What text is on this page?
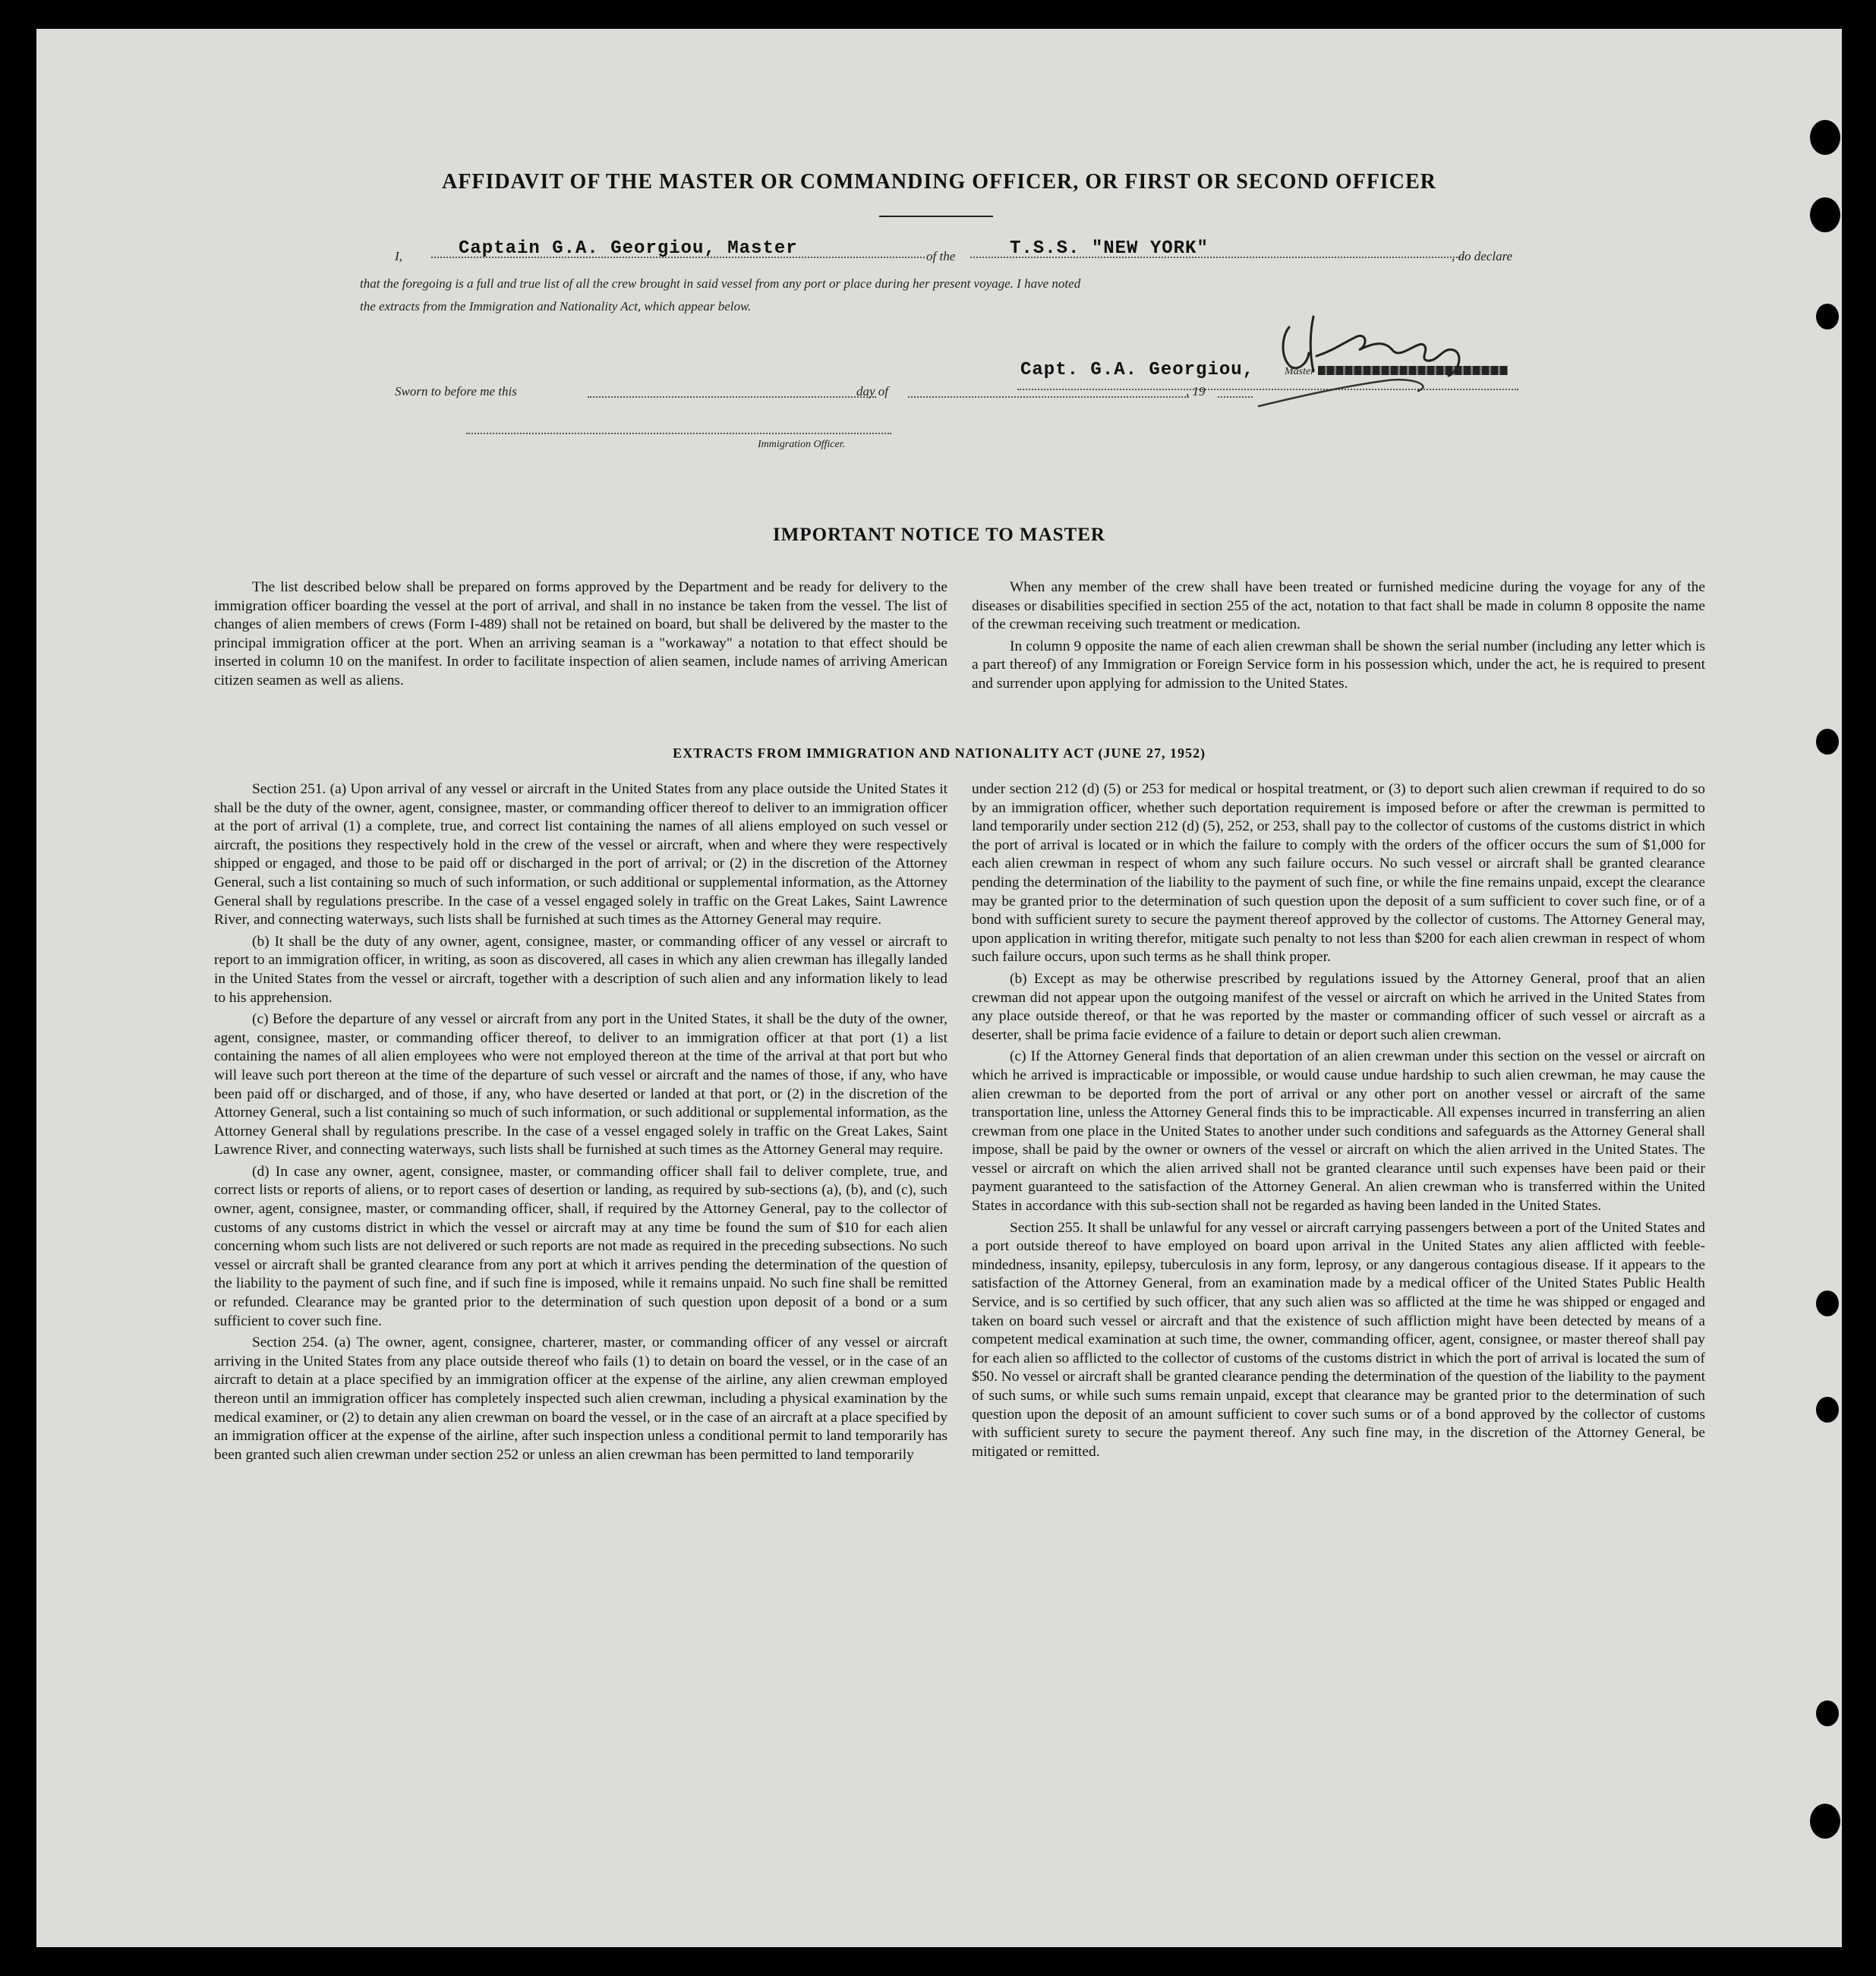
AFFIDAVIT OF THE MASTER OR COMMANDING OFFICER, OR FIRST OR SECOND OFFICER
I,	Captain G.A. Georgiou, Master	of the	T.S.S. "NEW YORK"	, do declare
that the foregoing is a full and true list of all the crew brought in said vessel from any port or place during her present voyage. I have noted
the extracts from the Immigration and Nationality Act, which appear below.
Capt. G.A. Georgiou,	Master
Sworn to before me this	day of	, 19
Immigration Officer.
IMPORTANT NOTICE TO MASTER

The list described below shall be prepared on forms approved by the Department and be ready for delivery to the immigration officer boarding the vessel at the port of arrival, and shall in no instance be taken from the vessel. The list of changes of alien members of crews (Form I-489) shall not be retained on board, but shall be delivered by the master to the principal immigration officer at the port. When an arriving seaman is a "workaway" a notation to that effect should be inserted in column 10 on the manifest. In order to facilitate inspection of alien seamen, include names of arriving American citizen seamen as well as aliens.

When any member of the crew shall have been treated or furnished medicine during the voyage for any of the diseases or disabilities specified in section 255 of the act, notation to that fact shall be made in column 8 opposite the name of the crewman receiving such treatment or medication.

In column 9 opposite the name of each alien crewman shall be shown the serial number (including any letter which is a part thereof) of any Immigration or Foreign Service form in his possession which, under the act, he is required to present and surrender upon applying for admission to the United States.

EXTRACTS FROM IMMIGRATION AND NATIONALITY ACT (JUNE 27, 1952)

Section 251. (a) Upon arrival of any vessel or aircraft in the United States from any place outside the United States it shall be the duty of the owner, agent, consignee, master, or commanding officer thereof to deliver to an immigration officer at the port of arrival (1) a complete, true, and correct list containing the names of all aliens employed on such vessel or aircraft, the positions they respectively hold in the crew of the vessel or aircraft, when and where they were respectively shipped or engaged, and those to be paid off or discharged in the port of arrival; or (2) in the discretion of the Attorney General, such a list containing so much of such information, or such additional or supplemental information, as the Attorney General shall by regulations prescribe. In the case of a vessel engaged solely in traffic on the Great Lakes, Saint Lawrence River, and connecting waterways, such lists shall be furnished at such times as the Attorney General may require.

(b) It shall be the duty of any owner, agent, consignee, master, or commanding officer of any vessel or aircraft to report to an immigration officer, in writing, as soon as discovered, all cases in which any alien crewman has illegally landed in the United States from the vessel or aircraft, together with a description of such alien and any information likely to lead to his apprehension.

(c) Before the departure of any vessel or aircraft from any port in the United States, it shall be the duty of the owner, agent, consignee, master, or commanding officer thereof, to deliver to an immigration officer at that port (1) a list containing the names of all alien employees who were not employed thereon at the time of the arrival at that port but who will leave such port thereon at the time of the departure of such vessel or aircraft and the names of those, if any, who have been paid off or discharged, and of those, if any, who have deserted or landed at that port, or (2) in the discretion of the Attorney General, such a list containing so much of such information, or such additional or supplemental information, as the Attorney General shall by regulations prescribe. In the case of a vessel engaged solely in traffic on the Great Lakes, Saint Lawrence River, and connecting waterways, such lists shall be furnished at such times as the Attorney General may require.

(d) In case any owner, agent, consignee, master, or commanding officer shall fail to deliver complete, true, and correct lists or reports of aliens, or to report cases of desertion or landing, as required by sub-sections (a), (b), and (c), such owner, agent, consignee, master, or commanding officer, shall, if required by the Attorney General, pay to the collector of customs of any customs district in which the vessel or aircraft may at any time be found the sum of $10 for each alien concerning whom such lists are not delivered or such reports are not made as required in the preceding subsections. No such vessel or aircraft shall be granted clearance from any port at which it arrives pending the determination of the question of the liability to the payment of such fine, and if such fine is imposed, while it remains unpaid. No such fine shall be remitted or refunded. Clearance may be granted prior to the determination of such question upon deposit of a bond or a sum sufficient to cover such fine.

Section 254. (a) The owner, agent, consignee, charterer, master, or commanding officer of any vessel or aircraft arriving in the United States from any place outside thereof who fails (1) to detain on board the vessel, or in the case of an aircraft to detain at a place specified by an immigration officer at the expense of the airline, any alien crewman employed thereon until an immigration officer has completely inspected such alien crewman, including a physical examination by the medical examiner, or (2) to detain any alien crewman on board the vessel, or in the case of an aircraft at a place specified by an immigration officer at the expense of the airline, after such inspection unless a conditional permit to land temporarily has been granted such alien crewman under section 252 or unless an alien crewman has been permitted to land temporarily

under section 212 (d) (5) or 253 for medical or hospital treatment, or (3) to deport such alien crewman if required to do so by an immigration officer, whether such deportation requirement is imposed before or after the crewman is permitted to land temporarily under section 212 (d) (5), 252, or 253, shall pay to the collector of customs of the customs district in which the port of arrival is located or in which the failure to comply with the orders of the officer occurs the sum of $1,000 for each alien crewman in respect of whom any such failure occurs. No such vessel or aircraft shall be granted clearance pending the determination of the liability to the payment of such fine, or while the fine remains unpaid, except the clearance may be granted prior to the determination of such question upon the deposit of a sum sufficient to cover such fine, or of a bond with sufficient surety to secure the payment thereof approved by the collector of customs. The Attorney General may, upon application in writing therefor, mitigate such penalty to not less than $200 for each alien crewman in respect of whom such failure occurs, upon such terms as he shall think proper.

(b) Except as may be otherwise prescribed by regulations issued by the Attorney General, proof that an alien crewman did not appear upon the outgoing manifest of the vessel or aircraft on which he arrived in the United States from any place outside thereof, or that he was reported by the master or commanding officer of such vessel or aircraft as a deserter, shall be prima facie evidence of a failure to detain or deport such alien crewman.

(c) If the Attorney General finds that deportation of an alien crewman under this section on the vessel or aircraft on which he arrived is impracticable or impossible, or would cause undue hardship to such alien crewman, he may cause the alien crewman to be deported from the port of arrival or any other port on another vessel or aircraft of the same transportation line, unless the Attorney General finds this to be impracticable. All expenses incurred in transferring an alien crewman from one place in the United States to another under such conditions and safeguards as the Attorney General shall impose, shall be paid by the owner or owners of the vessel or aircraft on which the alien arrived in the United States. The vessel or aircraft on which the alien arrived shall not be granted clearance until such expenses have been paid or their payment guaranteed to the satisfaction of the Attorney General. An alien crewman who is transferred within the United States in accordance with this sub-section shall not be regarded as having been landed in the United States.

Section 255. It shall be unlawful for any vessel or aircraft carrying passengers between a port of the United States and a port outside thereof to have employed on board upon arrival in the United States any alien afflicted with feeble-mindedness, insanity, epilepsy, tuberculosis in any form, leprosy, or any dangerous contagious disease. If it appears to the satisfaction of the Attorney General, from an examination made by a medical officer of the United States Public Health Service, and is so certified by such officer, that any such alien was so afflicted at the time he was shipped or engaged and taken on board such vessel or aircraft and that the existence of such affliction might have been detected by means of a competent medical examination at such time, the owner, commanding officer, agent, consignee, or master thereof shall pay for each alien so afflicted to the collector of customs of the customs district in which the port of arrival is located the sum of $50. No vessel or aircraft shall be granted clearance pending the determination of the question of the liability to the payment of such sums, or while such sums remain unpaid, except that clearance may be granted prior to the determination of such question upon the deposit of an amount sufficient to cover such sums or of a bond approved by the collector of customs with sufficient surety to secure the payment thereof. Any such fine may, in the discretion of the Attorney General, be mitigated or remitted.
